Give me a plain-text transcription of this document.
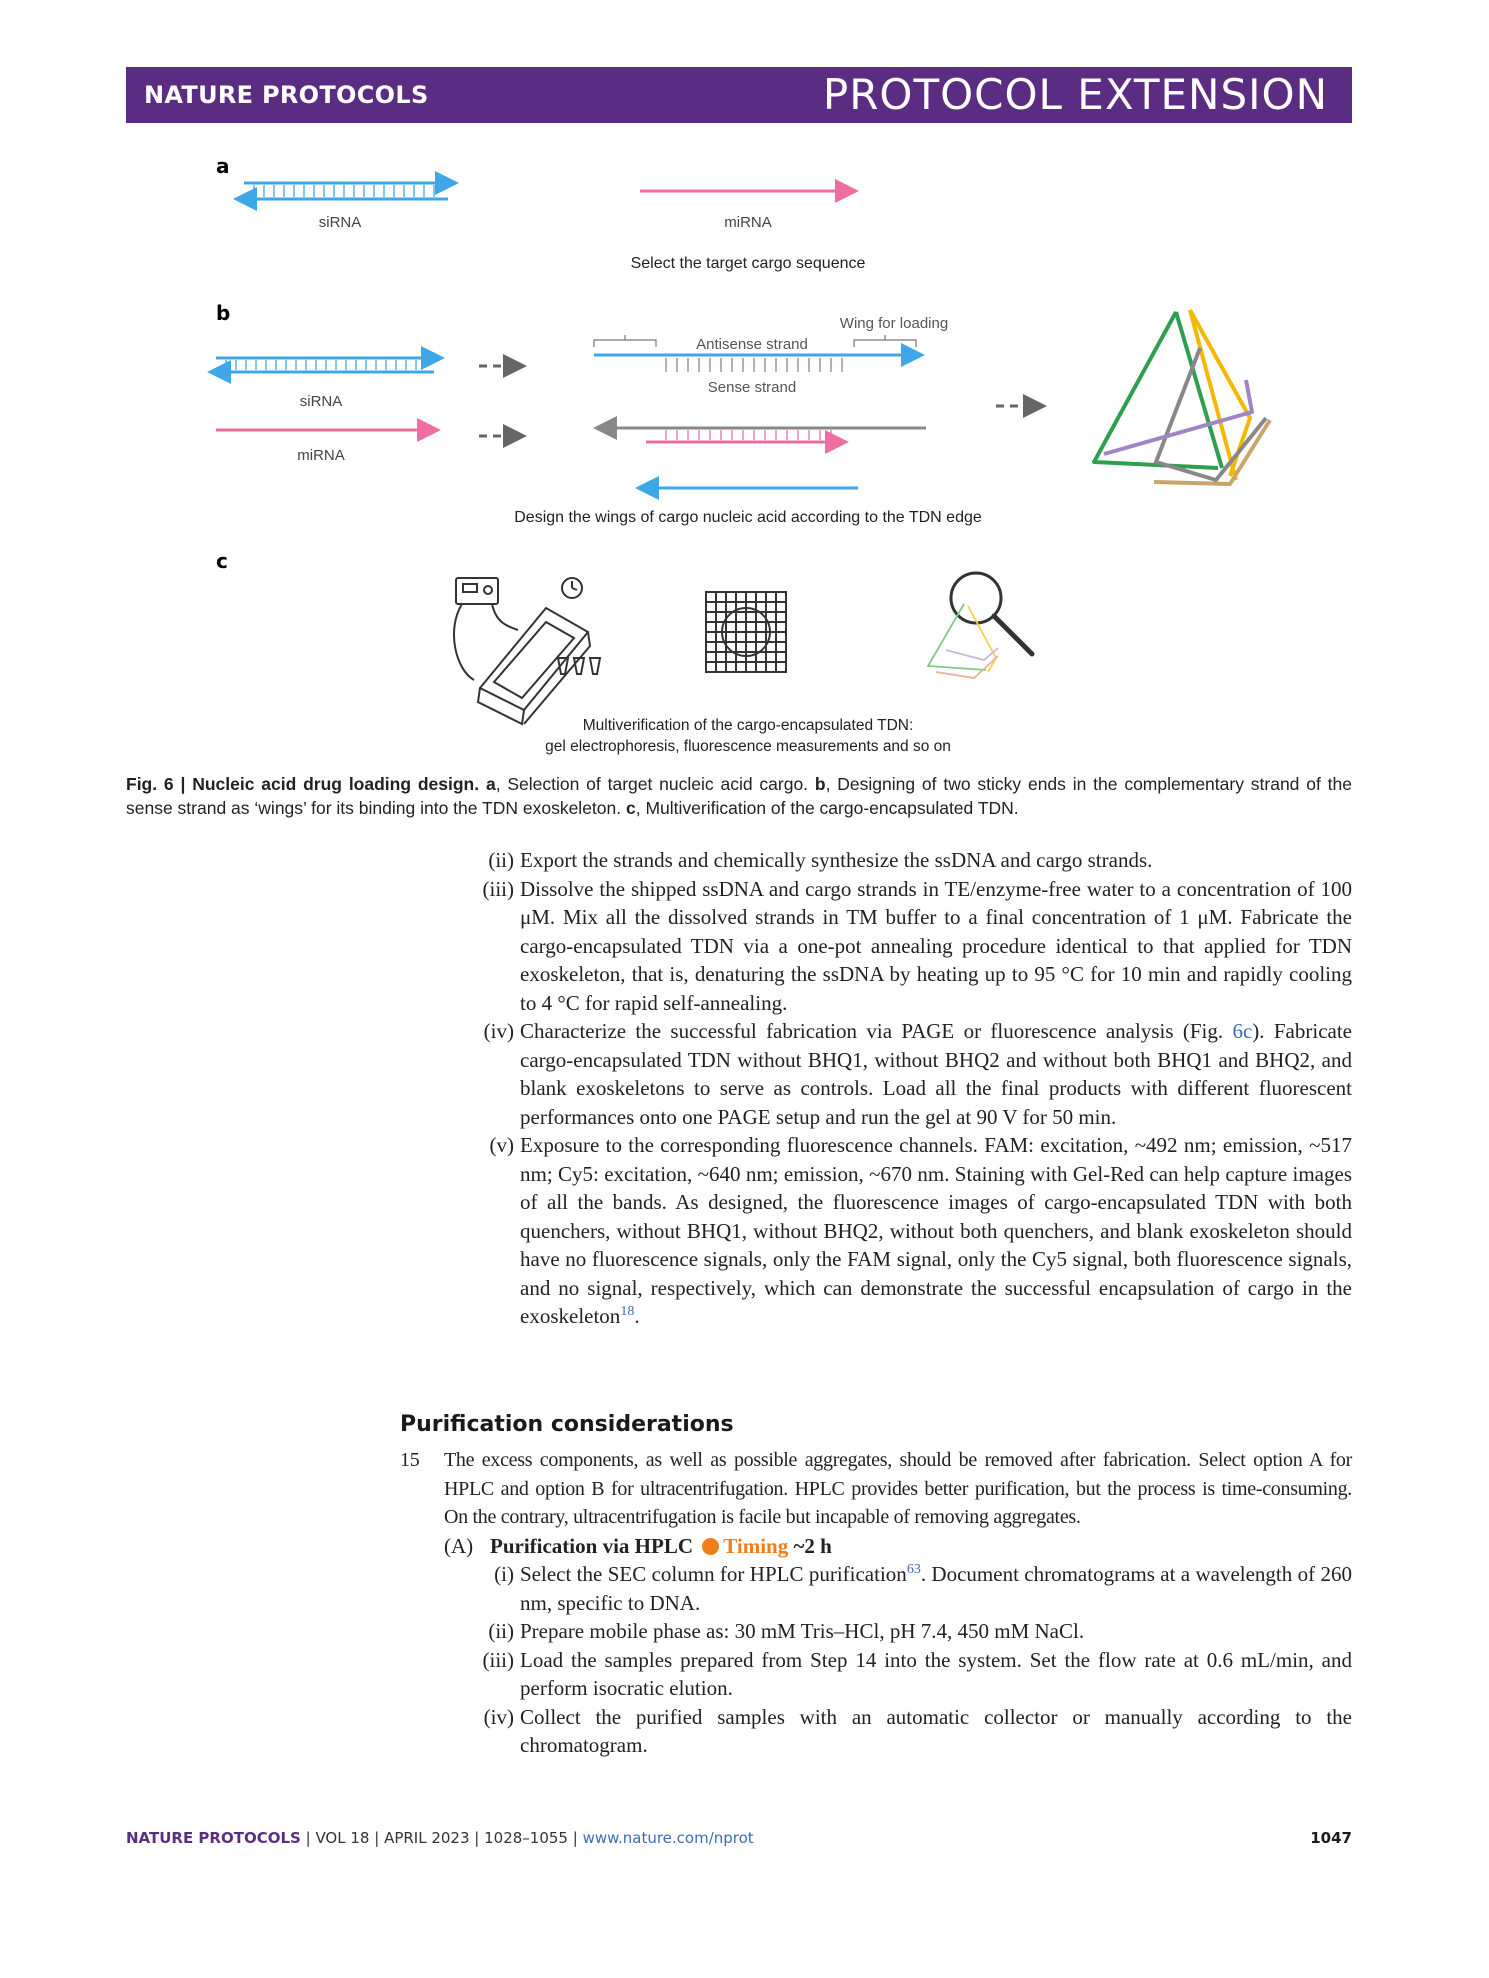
NATURE PROTOCOLS	PROTOCOL EXTENSION
a
b
c
siRNA	miRNA
Select the target cargo sequence
siRNA
miRNA
Wing for loading
Antisense strand
Sense strand
Design the wings of cargo nucleic acid according to the TDN edge
Multiverification of the cargo-encapsulated TDN:
gel electrophoresis, fluorescence measurements and so on
Fig. 6 | Nucleic acid drug loading design. a, Selection of target nucleic acid cargo. b, Designing of two sticky ends in the complementary strand of the sense strand as ‘wings’ for its binding into the TDN exoskeleton. c, Multiverification of the cargo-encapsulated TDN.
(ii) Export the strands and chemically synthesize the ssDNA and cargo strands.
(iii) Dissolve the shipped ssDNA and cargo strands in TE/enzyme-free water to a concentration of 100 μM. Mix all the dissolved strands in TM buffer to a final concentration of 1 μM. Fabricate the cargo-encapsulated TDN via a one-pot annealing procedure identical to that applied for TDN exoskeleton, that is, denaturing the ssDNA by heating up to 95 °C for 10 min and rapidly cooling to 4 °C for rapid self-annealing.
(iv) Characterize the successful fabrication via PAGE or fluorescence analysis (Fig. 6c). Fabricate cargo-encapsulated TDN without BHQ1, without BHQ2 and without both BHQ1 and BHQ2, and blank exoskeletons to serve as controls. Load all the final products with different fluorescent performances onto one PAGE setup and run the gel at 90 V for 50 min.
(v) Exposure to the corresponding fluorescence channels. FAM: excitation, ~492 nm; emission, ~517 nm; Cy5: excitation, ~640 nm; emission, ~670 nm. Staining with Gel-Red can help capture images of all the bands. As designed, the fluorescence images of cargo-encapsulated TDN with both quenchers, without BHQ1, without BHQ2, without both quenchers, and blank exoskeleton should have no fluorescence signals, only the FAM signal, only the Cy5 signal, both fluorescence signals, and no signal, respectively, which can demonstrate the successful encapsulation of cargo in the exoskeleton$^{18}$.
Purification considerations
15 The excess components, as well as possible aggregates, should be removed after fabrication. Select option A for HPLC and option B for ultracentrifugation. HPLC provides better purification, but the process is time-consuming. On the contrary, ultracentrifugation is facile but incapable of removing aggregates.
(A) Purification via HPLC Timing ~2 h
(i) Select the SEC column for HPLC purification$^{63}$. Document chromatograms at a wavelength of 260 nm, specific to DNA.
(ii) Prepare mobile phase as: 30 mM Tris–HCl, pH 7.4, 450 mM NaCl.
(iii) Load the samples prepared from Step 14 into the system. Set the flow rate at 0.6 mL/min, and perform isocratic elution.
(iv) Collect the purified samples with an automatic collector or manually according to the chromatogram.
NATURE PROTOCOLS | VOL 18 | APRIL 2023 | 1028–1055 | www.nature.com/nprot	1047
